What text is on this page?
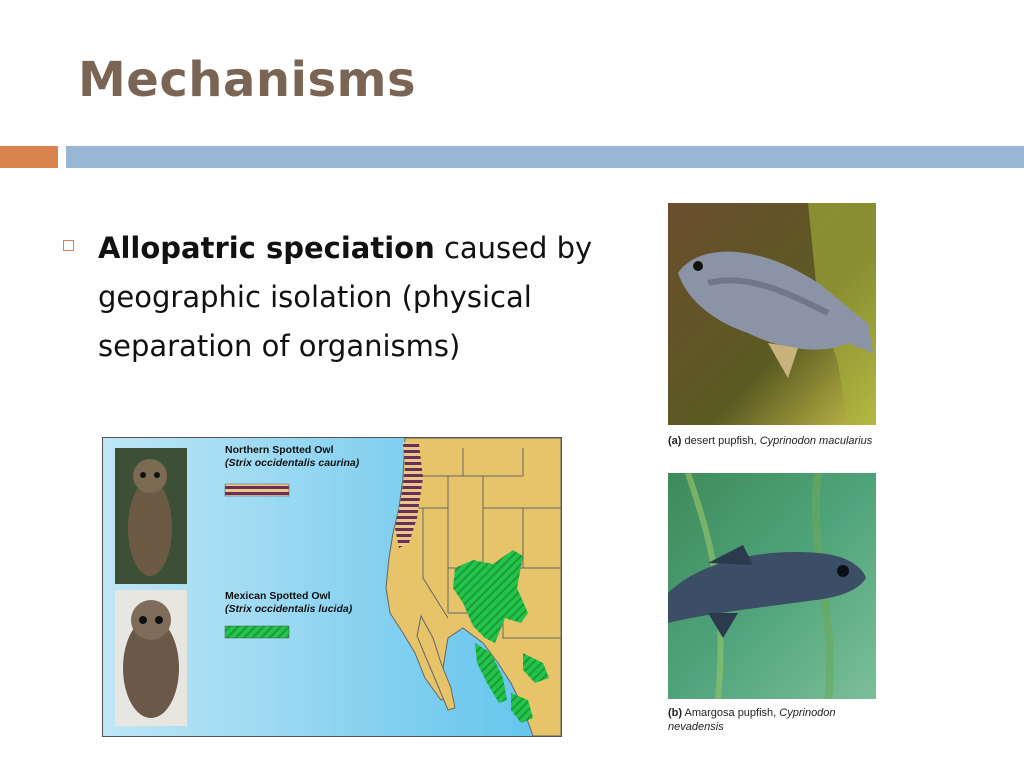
Mechanisms
Allopatric speciation caused by geographic isolation (physical separation of organisms)
Northern Spotted Owl
(Strix occidentalis caurina)
Mexican Spotted Owl
(Strix occidentalis lucida)
(a) desert pupfish, Cyprinodon macularius
(b) Amargosa pupfish, Cyprinodon nevadensis
